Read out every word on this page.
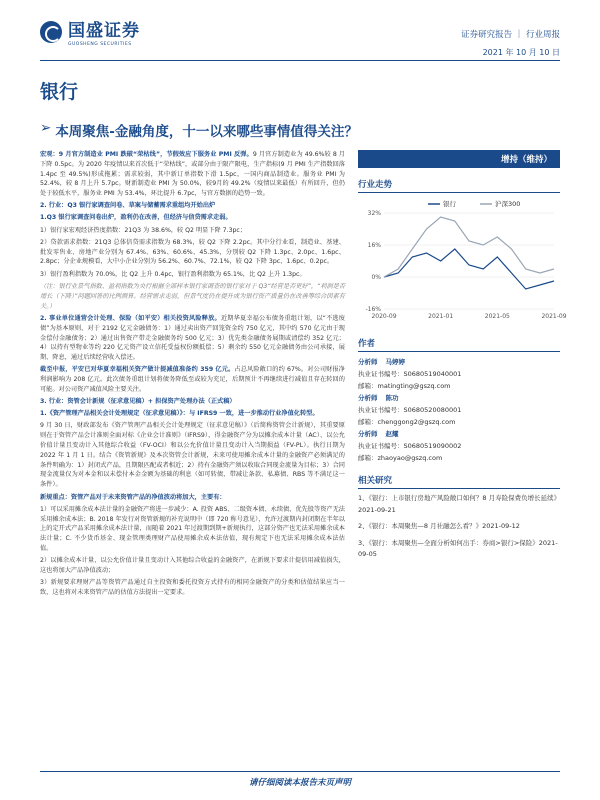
国盛证券
GUOSHENG SECURITIES
证券研究报告 ｜ 行业周报
2021 年 10 月 10 日
银行
➢ 本周聚焦-金融角度，十一以来哪些事情值得关注？

宏观：9 月官方制造业 PMI 跌破“荣枯线”，节假效应下服务业 PMI 反弹。9 月官方制造业为 49.6%较 8 月下降 0.5pc。为 2020 年疫情以来首次低于“荣枯线”，或部分由于限产限电，生产指标(9 月 PMI 生产指数回落 1.4pc 至 49.5%)形成拖累；需求较弱，其中新订单指数下滑 1.5pc，一国内商品制造业。服务业 PMI 为 52.4%，较 8 月上升 5.7pc。财新制造业 PMI 为 50.0%，较9月的 49.2%（疫情以来最低）有所回升，但仍处于较低水平，服务业 PMI 为 53.4%，环比提升 6.7pc，与官方数据的趋势一致。

2. 行业：Q3 银行家调查问卷、草案与储蓄需求重组均开始出炉

1.Q3 银行家调查问卷出炉，盈利仍在改善，但经济与信贷需求走弱。

1）银行家宏观经济热度指数：21Q3 为 38.6%，较 Q2 明显下降 7.3pc；

2）贷款需求指数：21Q3 总体信贷需求指数为 68.3%，较 Q2 下降 2.2pc。其中分行业看，制造业、基建、批发零售业、房地产业分别为 67.4%、63%、60.6%、45.3%，分别较 Q2 下降 1.3pc、2.0pc、1.6pc、2.8pc；分企业规模看，大中小企业分别为 56.2%、60.7%、72.1%，较 Q2 下降 3pc、1.6pc、0.2pc。

3）银行盈利指数为 70.0%，比 Q2 上升 0.4pc，银行盈利指数为 65.1%，比 Q2 上升 1.3pc。

（注：银行业景气指数、盈利指数为央行根据全部样本银行家调查的银行家对于 Q3“经营是否更好”，“利润是否增长（下降）”问题回答的比例测算。经营需求走弱，但景气度仍在提升或为银行资产质量仍在改善等综合因素有关。）

2. 事业单位通营会计处理、保险（如平安）相关投资风险释放。近期华夏幸福公布债务重组计划，以“不逃废债”为基本原则，对于 2192 亿元金融债务：1）通过卖出资产回笼资金约 750 亿元，其中约 570 亿元由于现金偿付金融债务；2）通过出售资产带走金融债务约 500 亿元；3）优先类金融债务展期或清偿约 352 亿元；4）以持有型物业等约 220 亿元资产设立信托受益权份额抵偿；5）剩余约 550 亿元金融债务由公司承接，展期、降息，通过后续经营收入偿还。

截至中报，平安已对华夏幸福相关资产做计提减值准备约 359 亿元。占总风险敞口的约 67%。对公司财报净利润影响为 208 亿元。此次债务重组计划将债务降低至或较为充足，后期预计不再继续进行减值且存在转回的可能。对公司资产减值风险主要关注。

3. 行业：资管会计新规（征求意见稿）+ 担保资产处理办法（正式稿）

1.《资产管理产品相关会计处理规定（征求意见稿）》：与 IFRS9 一致，进一步推动行业净值化转型。

9 月 30 日，财政部发布《资产管理产品相关会计处理规定（征求意见稿）》（后简称资管会计新规），其重要原则在于资管产品会计准则全面对标《企业会计准则》（IFRS9），得金融资产分为以摊余成本计量（AC）、以公允价值计量且变动计入其他综合收益（FV-OCI）和以公允价值计量且变动计入当期损益（FV-PL）。执行日期为 2022 年 1 月 1 日。结合《资管新规》及本次资管会计新规，未来可使用摊余成本计量的金融资产必须满足的条件明确为：1）封闭式产品，且期限匹配或者相近；2）持有金融资产须以收取合同现金流量为目标；3）合同现金流量仅为对本金和以未偿付本金金额为基础的利息（如可转债、带减让条款、私募债、RBS 等不满足这一条件）。

新规重点：资管产品对于未来资管产品的净值波动将加大，主要有：

1）可以采用摊余成本法计量的金融资产将进一步减少：A. 投资 ABS、二级资本债、永续债、优先股等资产无法采用摊余成本法；B. 2018 年发行对资管新规的补充说明中（即 720 称号意见），允许过渡期内封闭期在半年以上的定开式产品采用摊余成本法计量，而随着 2021 年过渡期到期+新规执行，这部分资产也无法采用摊余成本法计量；C. 不少货币基金、现金管理类理财产品使用摊余成本法估值，现有规定下也无法采用摊余成本法估值。

2）以摊余成本计量，以公允价值计量且变动计入其他综合收益的金融资产，在新规下要求计提信用减值损失，这也将加大产品净值波动；

3）新规要求理财产品等资管产品通过自主投资和委托投资方式持有的相同金融资产的分类和估值结果应当一致，这也将对未来资管产品的估值方法提出一定要求。

增持（维持）
行业走势
32%
16%
0%
-16%
2020-09	2021-01	2021-05	2021-09
银行	沪深300
作者
分析师 马婷婷
执业证书编号：S0680519040001
邮箱：matingting@gszq.com
分析师 陈功
执业证书编号：S0680520080001
邮箱：chenggong2@gszq.com
分析师 赵耀
执业证书编号：S0680519090002
邮箱：zhaoyao@gszq.com
相关研究
1、《银行：上市银行房地产风险敞口如何？8 月寿险保费负增长延续》2021-09-21
2、《银行：本周聚焦—8 月社融怎么看？》2021-09-12
3、《银行：本周聚焦—全面分析如何出手：券商>银行>保险》2021-09-05
请仔细阅读本报告末页声明
